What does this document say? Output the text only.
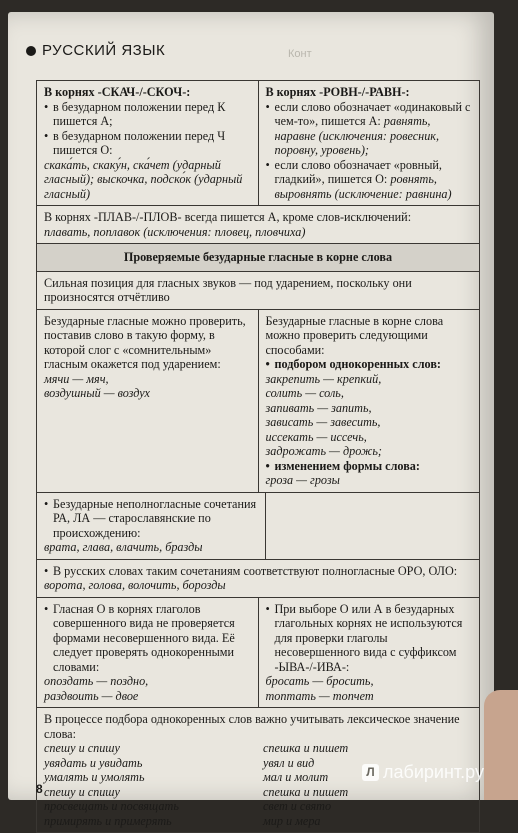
РУССКИЙ ЯЗЫК	Конт
В корнях -СКАЧ-/-СКОЧ-:
• в безударном положении перед К пишется А;
• в безударном положении перед Ч пишется О:
скака́ть, скаку́н, ска́чет (ударный гласный); выскочка, подско́к (ударный гласный)
В корнях -РОВН-/-РАВН-:
• если слово обозначает «одинаковый с чем-то», пишется А: равнять, наравне (исключения: ровесник, поровну, уровень);
• если слово обозначает «ровный, гладкий», пишется О: ровнять, выровнять (исключение: равнина)
В корнях -ПЛАВ-/-ПЛОВ- всегда пишется А, кроме слов-исключений:
плавать, поплавок (исключения: пловец, пловчиха)
Проверяемые безударные гласные в корне слова
Сильная позиция для гласных звуков — под ударением, поскольку они произносятся отчётливо
Безударные гласные можно проверить, поставив слово в такую форму, в которой слог с «сомнительным» гласным окажется под ударением:
мячи — мяч,
воздушный — воздух
Безударные гласные в корне слова можно проверить следующими способами:
• подбором однокоренных слов:
закрепить — крепкий,
солить — соль,
запивать — запить,
зависать — завесить,
иссекать — иссечь,
задрожать — дрожь;
• изменением формы слова:
гроза — грозы
• Безударные неполногласные сочетания РА, ЛА — старославянские по происхождению:
врата, глава, влачить, бразды
• В русских словах таким сочетаниям соответствуют полногласные ОРО, ОЛО:
ворота, голова, волочить, борозды
• Гласная О в корнях глаголов совершенного вида не проверяется формами несовершенного вида. Её следует проверять однокоренными словами:
опоздать — поздно,
раздвоить — двое
• При выборе О или А в безударных глагольных корнях не используются для проверки глаголы несовершенного вида с суффиксом -ЫВА-/-ИВА-:
бросать — бросить,
топтать — топчет
В процессе подбора однокоренных слов важно учитывать лексическое значение слова:
спешу и спишу
увядать и увидать
умалять и умолять
спешу и спишу
просвещать и посвящать
примирять и примерять
спешка и пишет
увял и вид
мал и молит
спешка и пишет
свет и свято
мир и мера
8
Л лабиринт.ру
